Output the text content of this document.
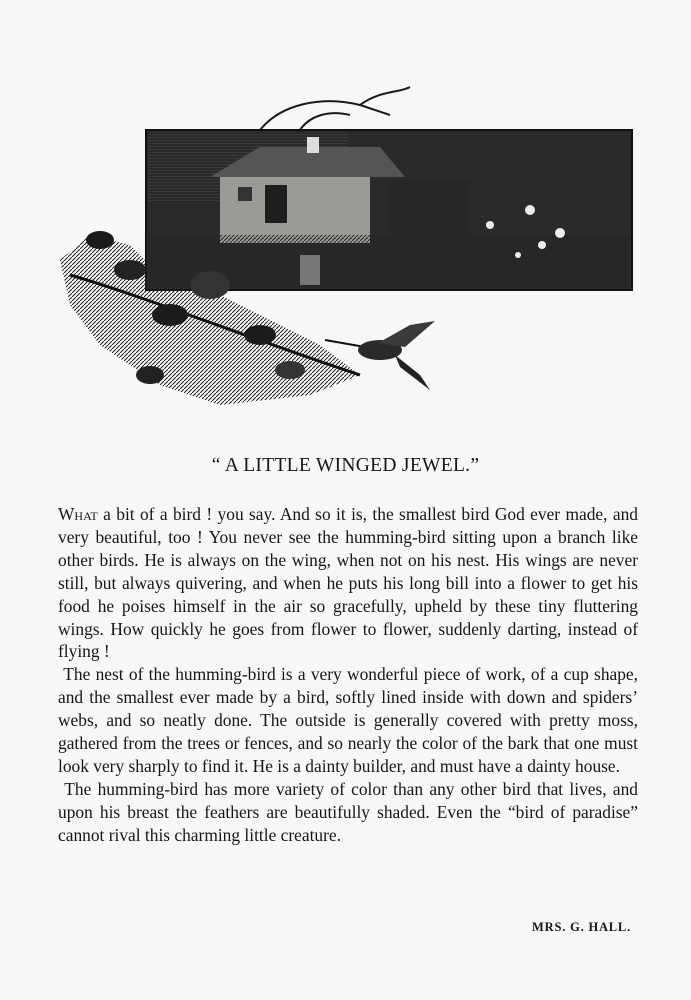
“ A LITTLE WINGED JEWEL.”

What a bit of a bird ! you say. And so it is, the smallest bird God ever made, and very beautiful, too ! You never see the humming-bird sitting upon a branch like other birds. He is always on the wing, when not on his nest. His wings are never still, but always quivering, and when he puts his long bill into a flower to get his food he poises himself in the air so gracefully, upheld by these tiny fluttering wings. How quickly he goes from flower to flower, suddenly darting, instead of flying !

The nest of the humming-bird is a very wonderful piece of work, of a cup shape, and the smallest ever made by a bird, softly lined inside with down and spiders’ webs, and so neatly done. The outside is generally covered with pretty moss, gathered from the trees or fences, and so nearly the color of the bark that one must look very sharply to find it. He is a dainty builder, and must have a dainty house.

The humming-bird has more variety of color than any other bird that lives, and upon his breast the feathers are beautifully shaded. Even the “bird of paradise” cannot rival this charming little creature.

MRS. G. HALL.
